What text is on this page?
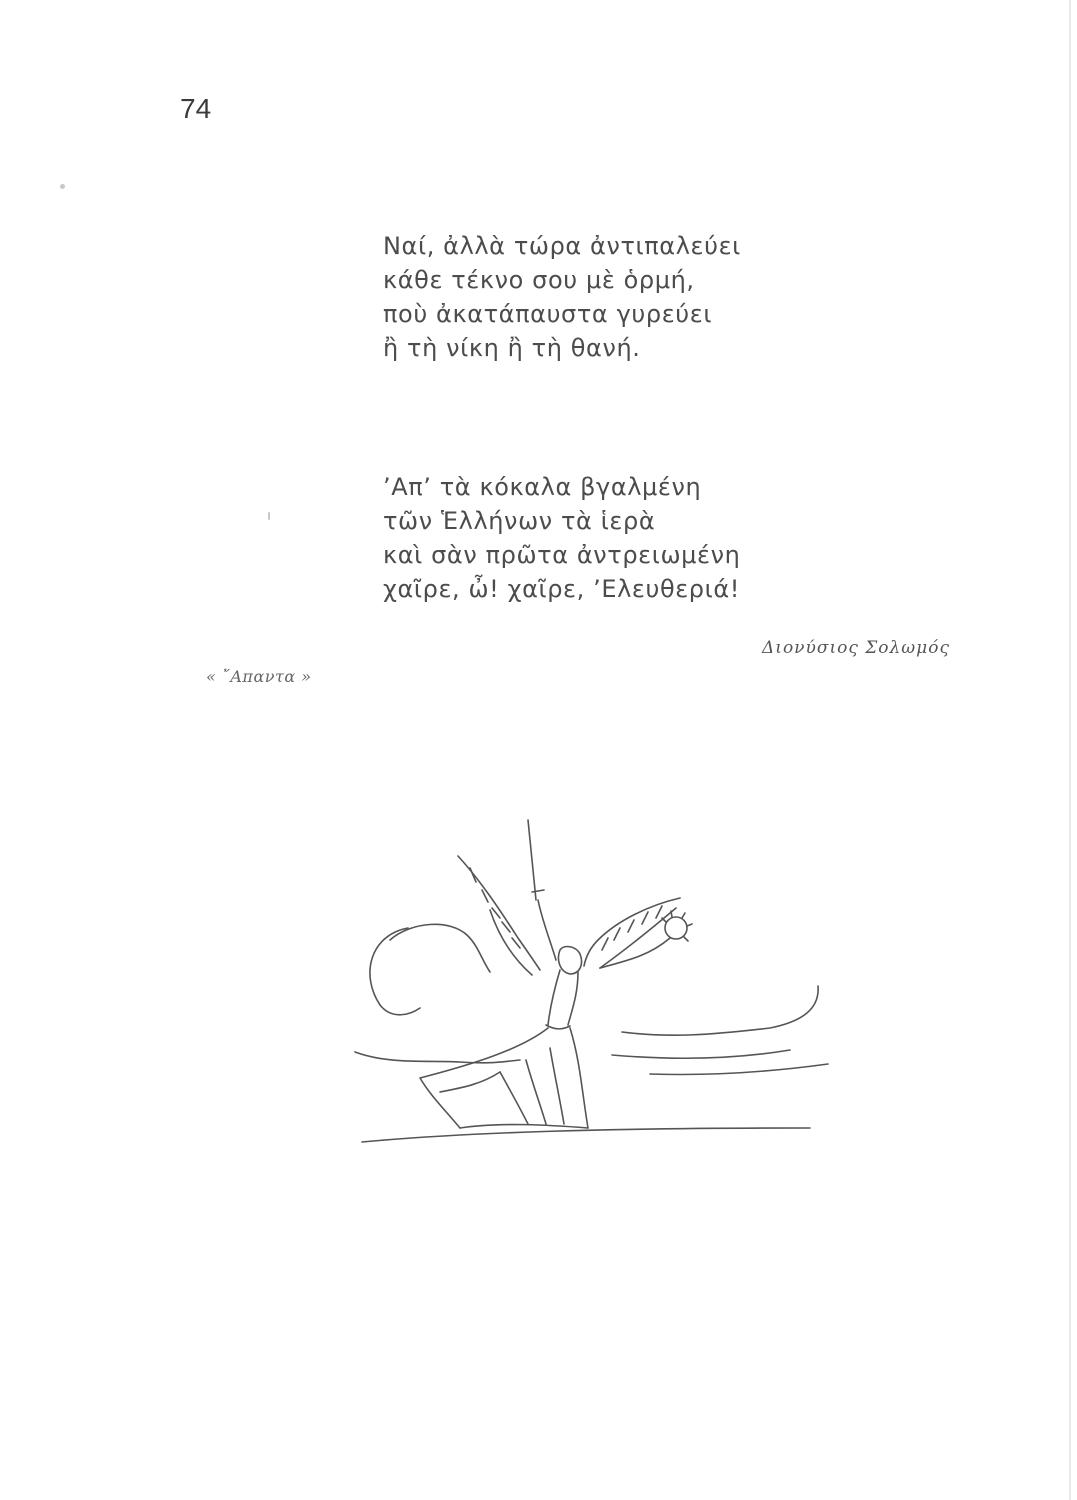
74
Ναί, ἀλλὰ τώρα ἀντιπαλεύει
κάθε τέκνο σου μὲ ὁρμή,
ποὺ ἀκατάπαυστα γυρεύει
ἢ τὴ νίκη ἢ τὴ θανή.
ʼΑπʼ τὰ κόκαλα βγαλμένη
τῶν Ἑλλήνων τὰ ἱερὰ
καὶ σὰν πρῶτα ἀντρειωμένη
χαῖρε, ὦ! χαῖρε, ʼΕλευθεριά!
Διονύσιος Σολωμός
« ῎Απαντα »
